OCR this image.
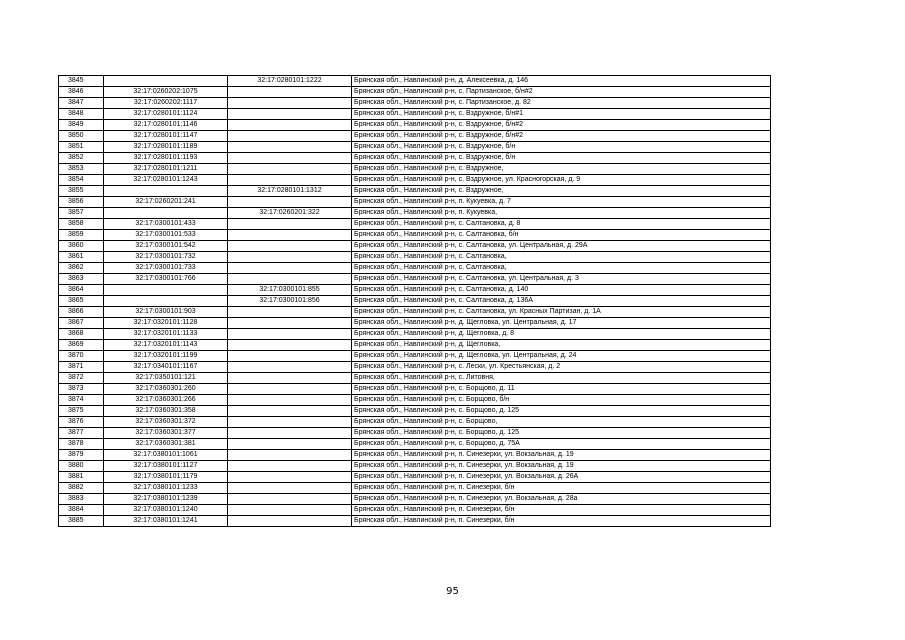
3845		32:17:0280101:1222	Брянская обл., Навлинский р-н, д. Алексеевка, д. 146
3846	32:17:0260202:1075		Брянская обл., Навлинский р-н, с. Партизанское, б/н#2
3847	32:17:0260202:1117		Брянская обл., Навлинский р-н, с. Партизанское, д. 82
3848	32:17:0280101:1124		Брянская обл., Навлинский р-н, с. Вздружное, б/н#1
3849	32:17:0280101:1146		Брянская обл., Навлинский р-н, с. Вздружное, б/н#2
3850	32:17:0280101:1147		Брянская обл., Навлинский р-н, с. Вздружное, б/н#2
3851	32:17:0280101:1189		Брянская обл., Навлинский р-н, с. Вздружное, б/н
3852	32:17:0280101:1193		Брянская обл., Навлинский р-н, с. Вздружное, б/н
3853	32:17:0280101:1211		Брянская обл., Навлинский р-н, с. Вздружное,
3854	32:17:0280101:1243		Брянская обл., Навлинский р-н, с. Вздружное, ул. Красногорская, д. 9
3855		32:17:0280101:1312	Брянская обл., Навлинский р-н, с. Вздружное,
3856	32:17:0260201:241		Брянская обл., Навлинский р-н, п. Кукуевка, д. 7
3857		32:17:0260201:322	Брянская обл., Навлинский р-н, п. Кукуевка,
3858	32:17:0300101:433		Брянская обл., Навлинский р-н, с. Салтановка, д. 8
3859	32:17:0300101:533		Брянская обл., Навлинский р-н, с. Салтановка, б/н
3860	32:17:0300101:542		Брянская обл., Навлинский р-н, с. Салтановка, ул. Центральная, д. 29А
3861	32:17:0300101:732		Брянская обл., Навлинский р-н, с. Салтановка,
3862	32:17:0300101:733		Брянская обл., Навлинский р-н, с. Салтановка,
3863	32:17:0300101:766		Брянская обл., Навлинский р-н, с. Салтановка, ул. Центральная, д. 3
3864		32:17:0300101:855	Брянская обл., Навлинский р-н, с. Салтановка, д. 140
3865		32:17:0300101:856	Брянская обл., Навлинский р-н, с. Салтановка, д. 136А
3866	32:17:0300101:903		Брянская обл., Навлинский р-н, с. Салтановка, ул. Красных Партизан, д. 1А
3867	32:17:0320101:1128		Брянская обл., Навлинский р-н, д. Щегловка, ул. Центральная, д. 17
3868	32:17:0320101:1133		Брянская обл., Навлинский р-н, д. Щегловка, д. 8
3869	32:17:0320101:1143		Брянская обл., Навлинский р-н, д. Щегловка,
3870	32:17:0320101:1199		Брянская обл., Навлинский р-н, д. Щегловка, ул. Центральная, д. 24
3871	32:17:0340101:1167		Брянская обл., Навлинский р-н, с. Лески, ул. Крестьянская, д. 2
3872	32:17:0350101:121		Брянская обл., Навлинский р-н, с. Литовня,
3873	32:17:0360301:260		Брянская обл., Навлинский р-н, с. Борщово, д. 11
3874	32:17:0360301:266		Брянская обл., Навлинский р-н, с. Борщово, б/н
3875	32:17:0360301:358		Брянская обл., Навлинский р-н, с. Борщово, д. 125
3876	32:17:0360301:372		Брянская обл., Навлинский р-н, с. Борщово,
3877	32:17:0360301:377		Брянская обл., Навлинский р-н, с. Борщово, д. 125
3878	32:17:0360301:381		Брянская обл., Навлинский р-н, с. Борщово, д. 75А
3879	32:17:0380101:1061		Брянская обл., Навлинский р-н, п. Синезерки, ул. Вокзальная, д. 19
3880	32:17:0380101:1127		Брянская обл., Навлинский р-н, п. Синезерки, ул. Вокзальная, д. 19
3881	32:17:0380101:1179		Брянская обл., Навлинский р-н, п. Синезерки, ул. Вокзальная, д. 26А
3882	32:17:0380101:1233		Брянская обл., Навлинский р-н, п. Синезерки, б/н
3883	32:17:0380101:1239		Брянская обл., Навлинский р-н, п. Синезерки, ул. Вокзальная, д. 28а
3884	32:17:0380101:1240		Брянская обл., Навлинский р-н, п. Синезерки, б/н
3885	32:17:0380101:1241		Брянская обл., Навлинский р-н, п. Синезерки, б/н
95
